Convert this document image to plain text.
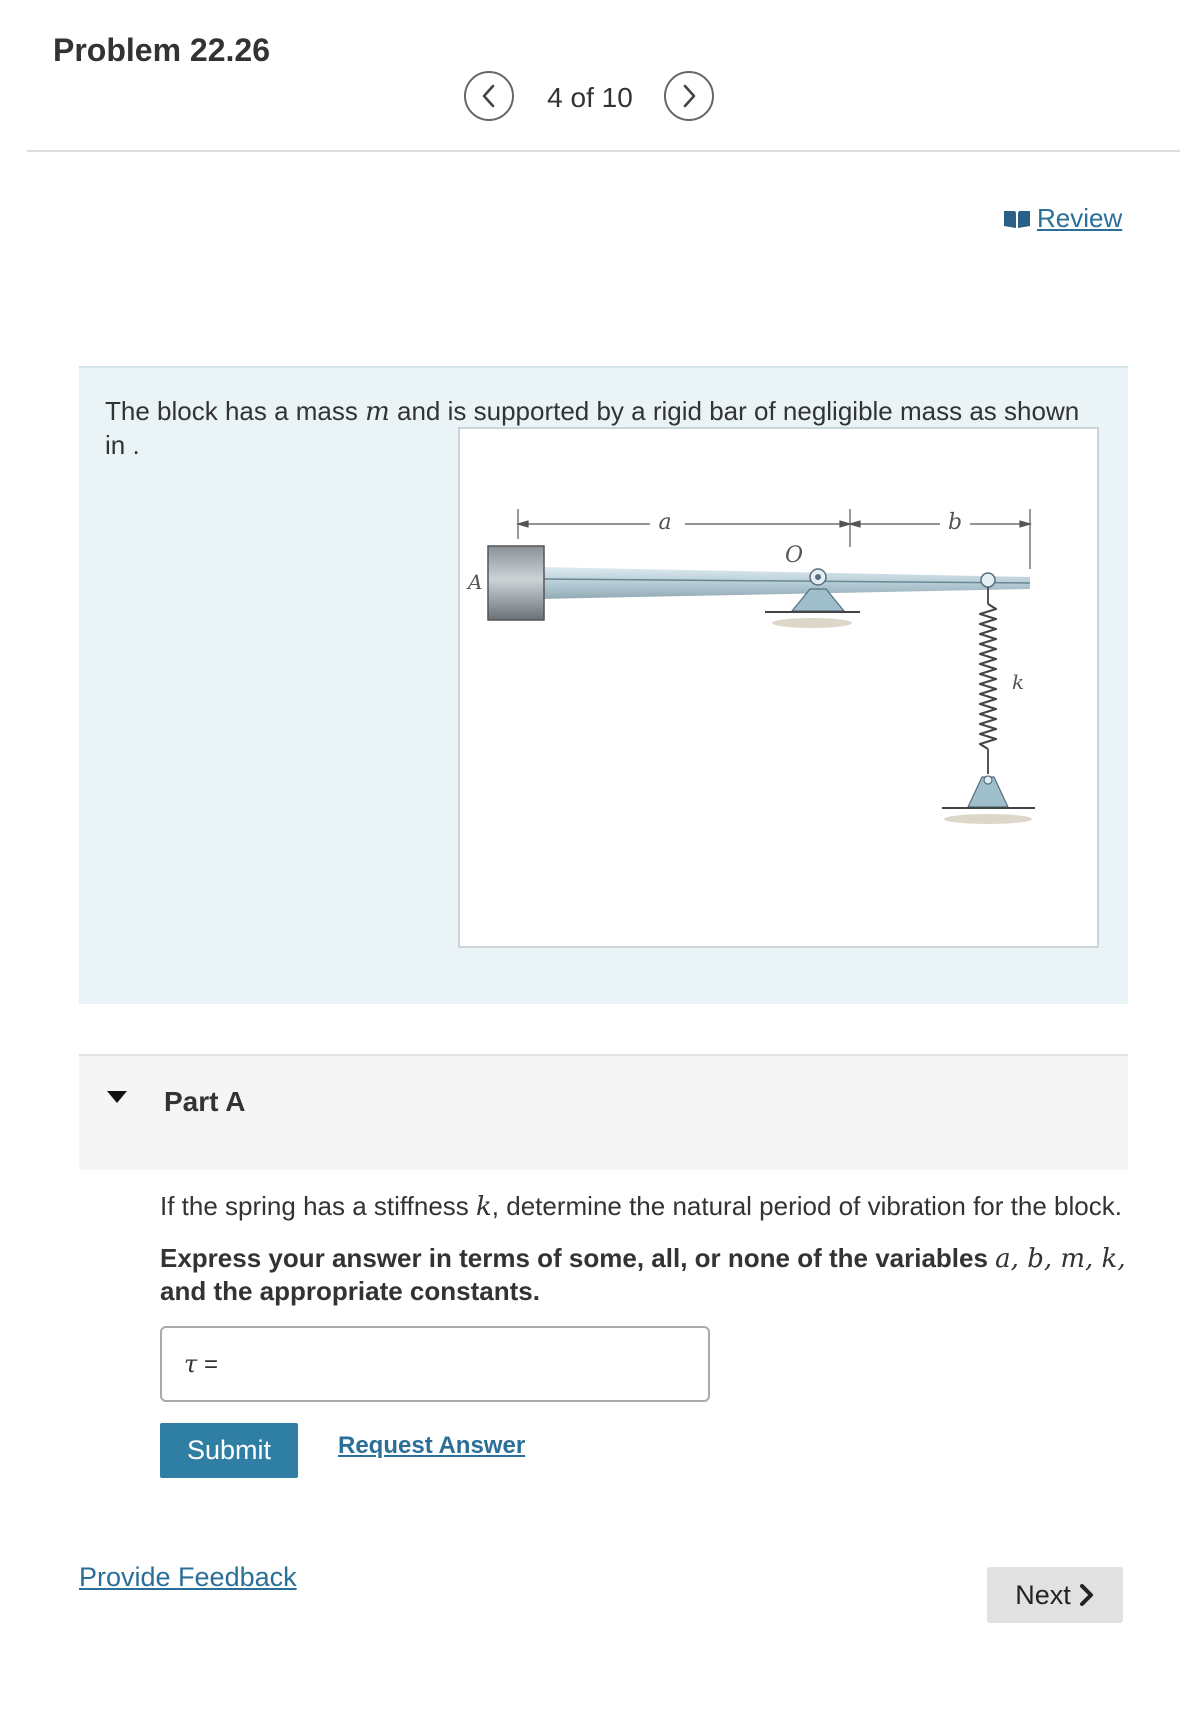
Problem 22.26
4 of 10
Review
The block has a mass m and is supported by a rigid bar of negligible mass as shown in .
a	b
A
O
k
Part A
If the spring has a stiffness k, determine the natural period of vibration for the block.
Express your answer in terms of some, all, or none of the variables a, b, m, k, and the appropriate constants.
τ =
Submit	Request Answer
Provide Feedback
Next
